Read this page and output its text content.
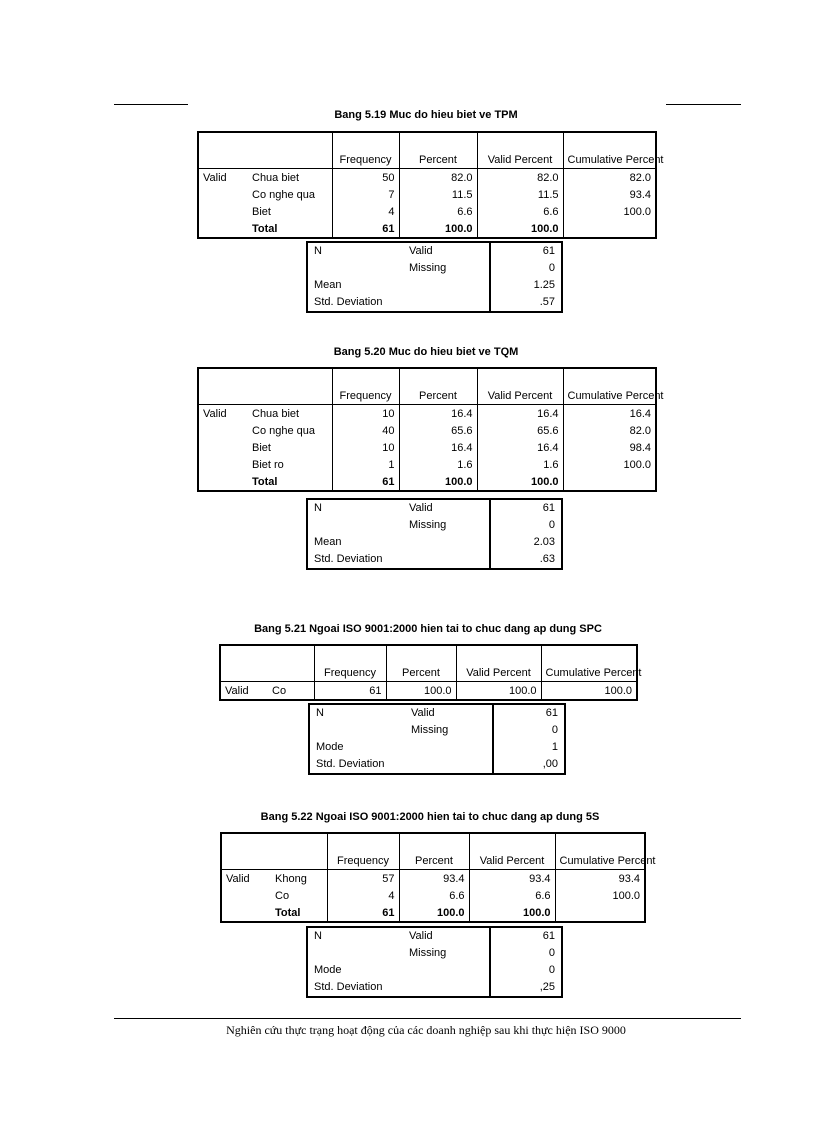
Bang 5.19 Muc do hieu biet ve TPM
		Frequency	Percent	Valid Percent	Cumulative Percent
Valid	Chua biet	50	82.0	82.0	82.0
	Co nghe qua	7	11.5	11.5	93.4
	Biet	4	6.6	6.6	100.0
	Total	61	100.0	100.0	
N	Valid	61
	Missing	0
Mean		1.25
Std. Deviation		.57
Bang 5.20 Muc do hieu biet ve TQM
		Frequency	Percent	Valid Percent	Cumulative Percent
Valid	Chua biet	10	16.4	16.4	16.4
	Co nghe qua	40	65.6	65.6	82.0
	Biet	10	16.4	16.4	98.4
	Biet ro	1	1.6	1.6	100.0
	Total	61	100.0	100.0	
N	Valid	61
	Missing	0
Mean		2.03
Std. Deviation		.63
Bang 5.21 Ngoai ISO 9001:2000 hien tai to chuc dang ap dung SPC
		Frequency	Percent	Valid Percent	Cumulative Percent
Valid	Co	61	100.0	100.0	100.0
N	Valid	61
	Missing	0
Mode		1
Std. Deviation		,00
Bang 5.22 Ngoai ISO 9001:2000 hien tai to chuc dang ap dung 5S
		Frequency	Percent	Valid Percent	Cumulative Percent
Valid	Khong	57	93.4	93.4	93.4
	Co	4	6.6	6.6	100.0
	Total	61	100.0	100.0	
N	Valid	61
	Missing	0
Mode		0
Std. Deviation		,25
Nghiên cứu thực trạng hoạt động của các doanh nghiệp sau khi thực hiện ISO 9000
